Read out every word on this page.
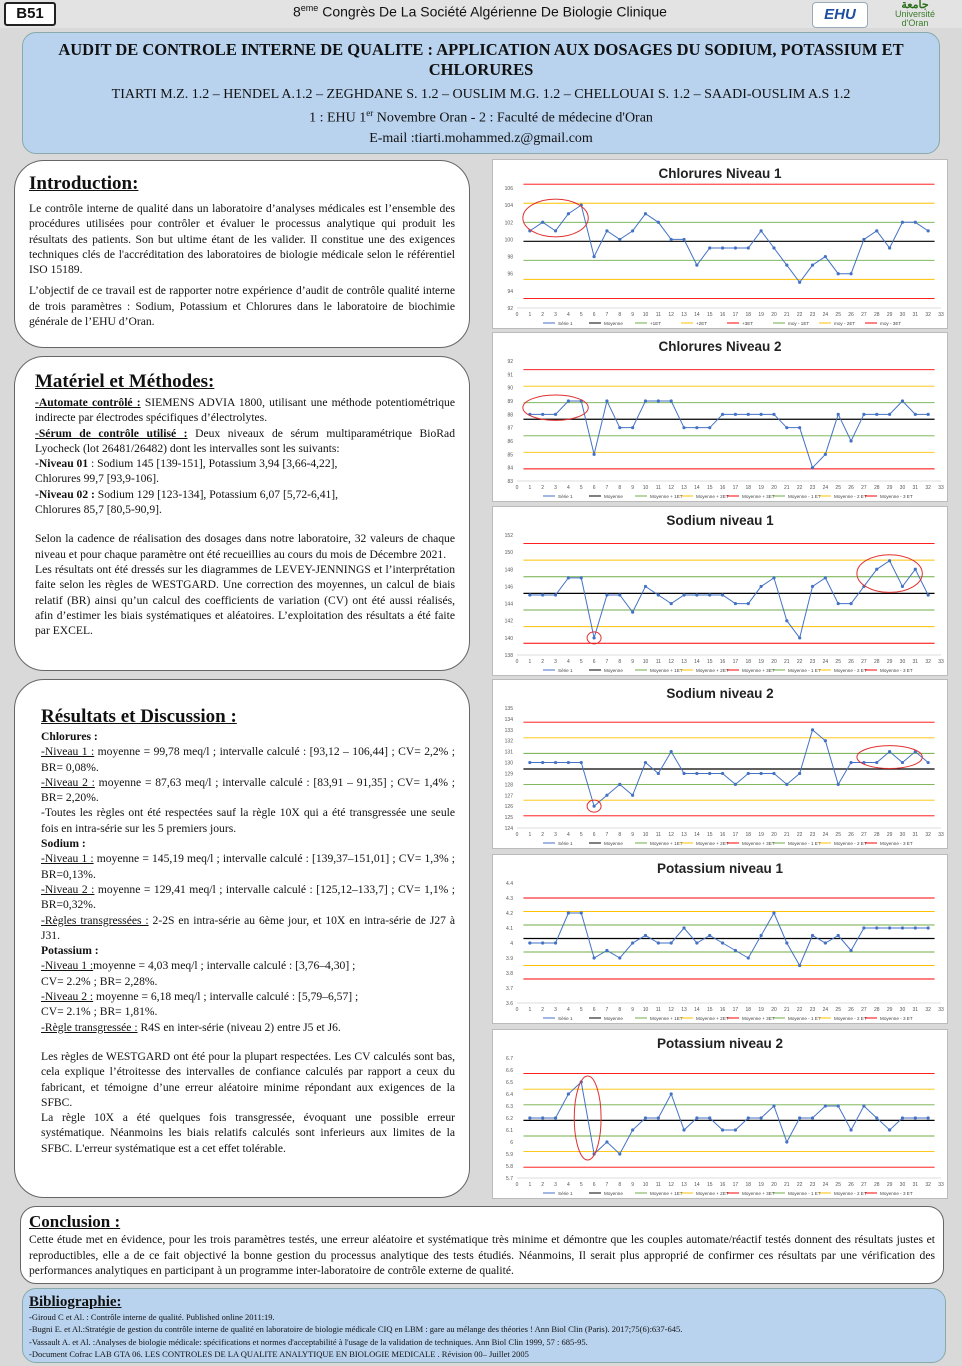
B51	8eme Congrès De La Société Algérienne De Biologie Clinique	EHU
جامعة
Université
d'Oran
AUDIT DE CONTROLE INTERNE DE QUALITE : APPLICATION AUX DOSAGES DU SODIUM, POTASSIUM ET CHLORURES
TIARTI M.Z. 1.2 – HENDEL A.1.2 – ZEGHDANE S. 1.2 – OUSLIM M.G. 1.2 – CHELLOUAI S. 1.2 – SAADI-OUSLIM A.S 1.2
1 : EHU 1er Novembre Oran - 2 : Faculté de médecine d'Oran
E-mail :tiarti.mohammed.z@gmail.com
Introduction:

Le contrôle interne de qualité dans un laboratoire d’analyses médicales est l’ensemble des procédures utilisées pour contrôler et évaluer le processus analytique qui produit les résultats des patients. Son but ultime étant de les valider. Il constitue une des exigences techniques clés de l'accréditation des laboratoires de biologie médicale selon le référentiel ISO 15189.

L’objectif de ce travail est de rapporter notre expérience d’audit de contrôle qualité interne de trois paramètres : Sodium, Potassium et Chlorures dans le laboratoire de biochimie générale de l’EHU d’Oran.

Matériel et Méthodes:

-Automate contrôlé : SIEMENS ADVIA 1800, utilisant une méthode potentiométrique indirecte par électrodes spécifiques d’électrolytes.

-Sérum de contrôle utilisé : Deux niveaux de sérum multiparamétrique BioRad Lyocheck (lot 26481/26482) dont les intervalles sont les suivants:

-Niveau 01 : Sodium 145 [139-151], Potassium 3,94 [3,66-4,22],

Chlorures 99,7 [93,9-106].

-Niveau 02 : Sodium 129 [123-134], Potassium 6,07 [5,72-6,41],

Chlorures 85,7 [80,5-90,9].

Selon la cadence de réalisation des dosages dans notre laboratoire, 32 valeurs de chaque niveau et pour chaque paramètre ont été recueillies au cours du mois de Décembre 2021.

Les résultats ont été dressés sur les diagrammes de LEVEY-JENNINGS et l’interprétation faite selon les règles de WESTGARD. Une correction des moyennes, un calcul de biais relatif (BR) ainsi qu’un calcul des coefficients de variation (CV) ont été aussi réalisés, afin d’estimer les biais systématiques et aléatoires. L’exploitation des résultats a été faite par EXCEL.

Résultats et Discussion :

Chlorures :

-Niveau 1 : moyenne = 99,78 meq/l ; intervalle calculé : [93,12 – 106,44] ; CV= 2,2% ; BR= 0,08%.

-Niveau 2 : moyenne = 87,63 meq/l ; intervalle calculé : [83,91 – 91,35] ; CV= 1,4% ; BR= 2,20%.

-Toutes les règles ont été respectées sauf la règle 10X qui a été transgressée une seule fois en intra-série sur les 5 premiers jours.

Sodium :

-Niveau 1 : moyenne = 145,19 meq/l ; intervalle calculé : [139,37–151,01] ; CV= 1,3% ; BR=0,13%.

-Niveau 2 : moyenne = 129,41 meq/l ; intervalle calculé : [125,12–133,7] ; CV= 1,1% ; BR=0,32%.

-Règles transgressées : 2-2S en intra-série au 6ème jour, et 10X en intra-série de J27 à J31.

Potassium :

-Niveau 1 :moyenne = 4,03 meq/l ; intervalle calculé : [3,76–4,30] ;

CV= 2.2% ; BR= 2,28%.

-Niveau 2 : moyenne = 6,18 meq/l ; intervalle calculé : [5,79–6,57] ;

CV= 2.1% ; BR= 1,81%.

-Règle transgressée : R4S en inter-série (niveau 2) entre J5 et J6.

Les règles de WESTGARD ont été pour la plupart respectées. Les CV calculés sont bas, cela explique l’étroitesse des intervalles de confiance calculés par rapport a ceux du fabricant, et témoigne d’une erreur aléatoire minime répondant aux exigences de la SFBC.

La règle 10X a été quelques fois transgressée, évoquant une possible erreur systématique. Néanmoins les biais relatifs calculés sont inferieurs aux limites de la SFBC. L'erreur systématique est a cet effet tolérable.

Chlorures Niveau 1
92
94
96
98
100
102
104
106
0 1 2 3 4 5 6 7 8 9 10 11 12 13 14 15 16 17 18 19 20 21 22 23 24 25 26 27 28 29 30 31 32 33
Série 1	Moyenne	+1ET	+2ET	+3ET	moy - 1ET	moy - 2ET	moy - 3ET
Chlorures Niveau 2
83
84
85
86
87
88
89
90
91
92
0 1 2 3 4 5 6 7 8 9 10 11 12 13 14 15 16 17 18 19 20 21 22 23 24 25 26 27 28 29 30 31 32 33
Série 1	Moyenne	Moyenne + 1ET	Moyenne + 2ET	Moyenne + 3ET	Moyenne - 1 ET	Moyenne - 2 ET	Moyenne - 3 ET
Sodium niveau 1
138
140
142
144
146
148
150
152
0 1 2 3 4 5 6 7 8 9 10 11 12 13 14 15 16 17 18 19 20 21 22 23 24 25 26 27 28 29 30 31 32 33
Série 1	Moyenne	Moyenne + 1ET	Moyenne + 2ET	Moyenne + 3ET	Moyenne - 1 ET	Moyenne - 2 ET	Moyenne - 3 ET
Sodium niveau 2
124
125
126
127
128
129
130
131
132
133
134
135
0 1 2 3 4 5 6 7 8 9 10 11 12 13 14 15 16 17 18 19 20 21 22 23 24 25 26 27 28 29 30 31 32 33
Série 1	Moyenne	Moyenne + 1ET	Moyenne + 2ET	Moyenne + 3ET	Moyenne - 1 ET	Moyenne - 2 ET	Moyenne - 3 ET
Potassium niveau 1
3.6
3.7
3.8
3.9
4
4.1
4.2
4.3
4.4
0 1 2 3 4 5 6 7 8 9 10 11 12 13 14 15 16 17 18 19 20 21 22 23 24 25 26 27 28 29 30 31 32 33
Série 1	Moyenne	Moyenne + 1ET	Moyenne + 2ET	Moyenne + 3ET	Moyenne - 1 ET	Moyenne - 2 ET	Moyenne - 3 ET
Potassium niveau 2
5.7
5.8
5.9
6
6.1
6.2
6.3
6.4
6.5
6.6
6.7
0 1 2 3 4 5 6 7 8 9 10 11 12 13 14 15 16 17 18 19 20 21 22 23 24 25 26 27 28 29 30 31 32 33
Série 1	Moyenne	Moyenne + 1ET	Moyenne + 2ET	Moyenne + 3ET	Moyenne - 1 ET	Moyenne - 2 ET	Moyenne - 3 ET
Conclusion :
Cette étude met en évidence, pour les trois paramètres testés, une erreur aléatoire et systématique très minime et démontre que les couples automate/réactif testés donnent des résultats justes et reproductibles, elle a de ce fait objectivé la bonne gestion du processus analytique des tests étudiés. Néanmoins, Il serait plus approprié de confirmer ces résultats par une vérification des performances analytiques en participant à un programme inter-laboratoire de contrôle externe de qualité.
Bibliographie:
-Giroud C et Al. : Contrôle interne de qualité. Published online 2011:19.
-Bugni E. et Al.:Stratégie de gestion du contrôle interne de qualité en laboratoire de biologie médicale CIQ en LBM : gare au mélange des théories ! Ann Biol Clin (Paris). 2017;75(6):637-645.
-Vassault A. et Al. :Analyses de biologie médicale: spécifications et normes d'acceptabilité à l'usage de la validation de techniques. Ann Biol Clin 1999, 57 : 685-95.
-Document Cofrac LAB GTA 06. LES CONTROLES DE LA QUALITE ANALYTIQUE EN BIOLOGIE MEDICALE . Révision 00– Juillet 2005
